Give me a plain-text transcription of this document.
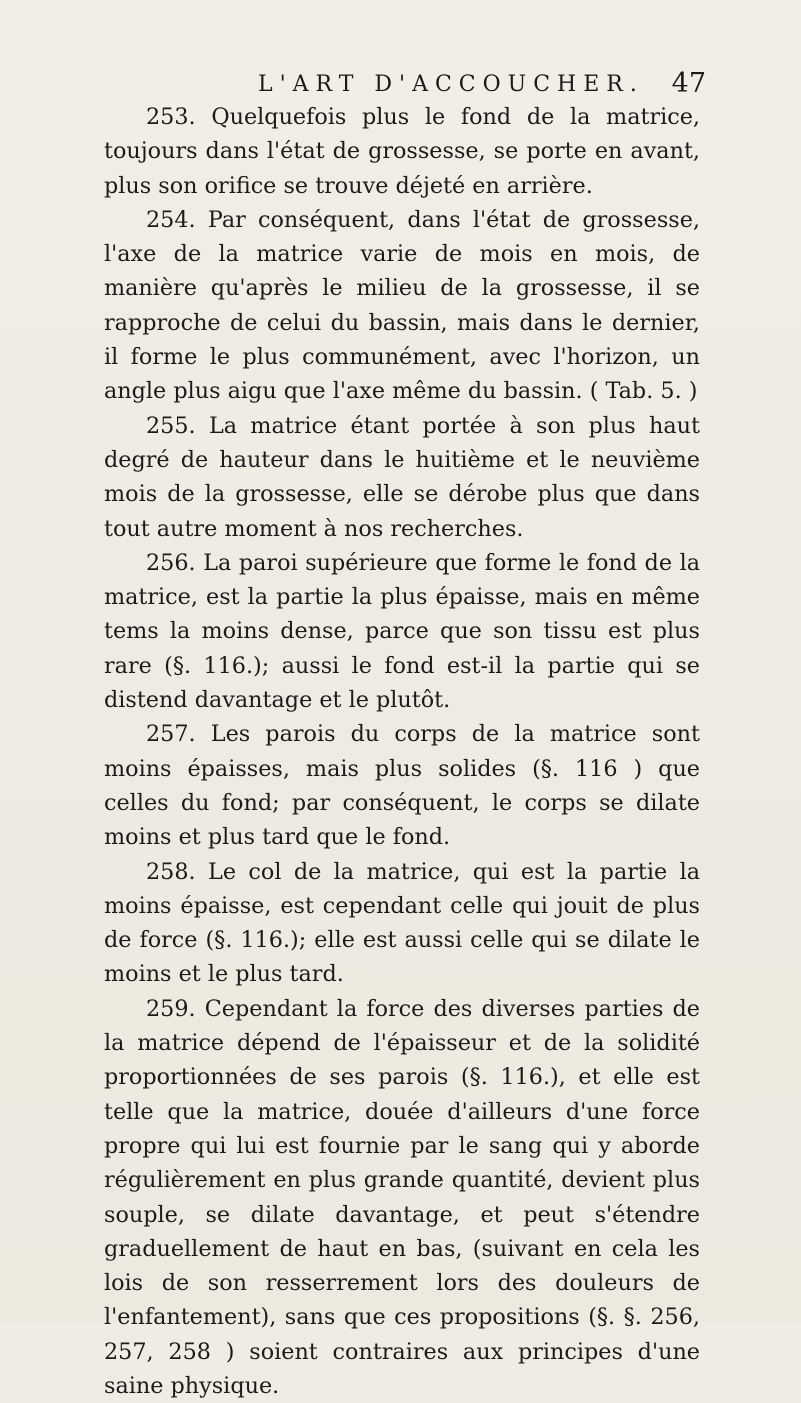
L'ART D'ACCOUCHER. 47

253. Quelquefois plus le fond de la matrice, toujours dans l'état de grossesse, se porte en avant, plus son orifice se trouve déjeté en arrière.

254. Par conséquent, dans l'état de grossesse, l'axe de la matrice varie de mois en mois, de manière qu'après le milieu de la grossesse, il se rapproche de celui du bassin, mais dans le dernier, il forme le plus communément, avec l'horizon, un angle plus aigu que l'axe même du bassin. ( Tab. 5. )

255. La matrice étant portée à son plus haut degré de hauteur dans le huitième et le neuvième mois de la grossesse, elle se dérobe plus que dans tout autre moment à nos recherches.

256. La paroi supérieure que forme le fond de la matrice, est la partie la plus épaisse, mais en même tems la moins dense, parce que son tissu est plus rare (§. 116.); aussi le fond est-il la partie qui se distend davantage et le plutôt.

257. Les parois du corps de la matrice sont moins épaisses, mais plus solides (§. 116 ) que celles du fond; par conséquent, le corps se dilate moins et plus tard que le fond.

258. Le col de la matrice, qui est la partie la moins épaisse, est cependant celle qui jouit de plus de force (§. 116.); elle est aussi celle qui se dilate le moins et le plus tard.

259. Cependant la force des diverses parties de la matrice dépend de l'épaisseur et de la solidité proportionnées de ses parois (§. 116.), et elle est telle que la matrice, douée d'ailleurs d'une force propre qui lui est fournie par le sang qui y aborde régulièrement en plus grande quantité, devient plus souple, se dilate davantage, et peut s'étendre graduellement de haut en bas, (suivant en cela les lois de son resserrement lors des douleurs de l'enfantement), sans que ces propositions (§. §. 256, 257, 258 ) soient contraires aux principes d'une saine physique.
